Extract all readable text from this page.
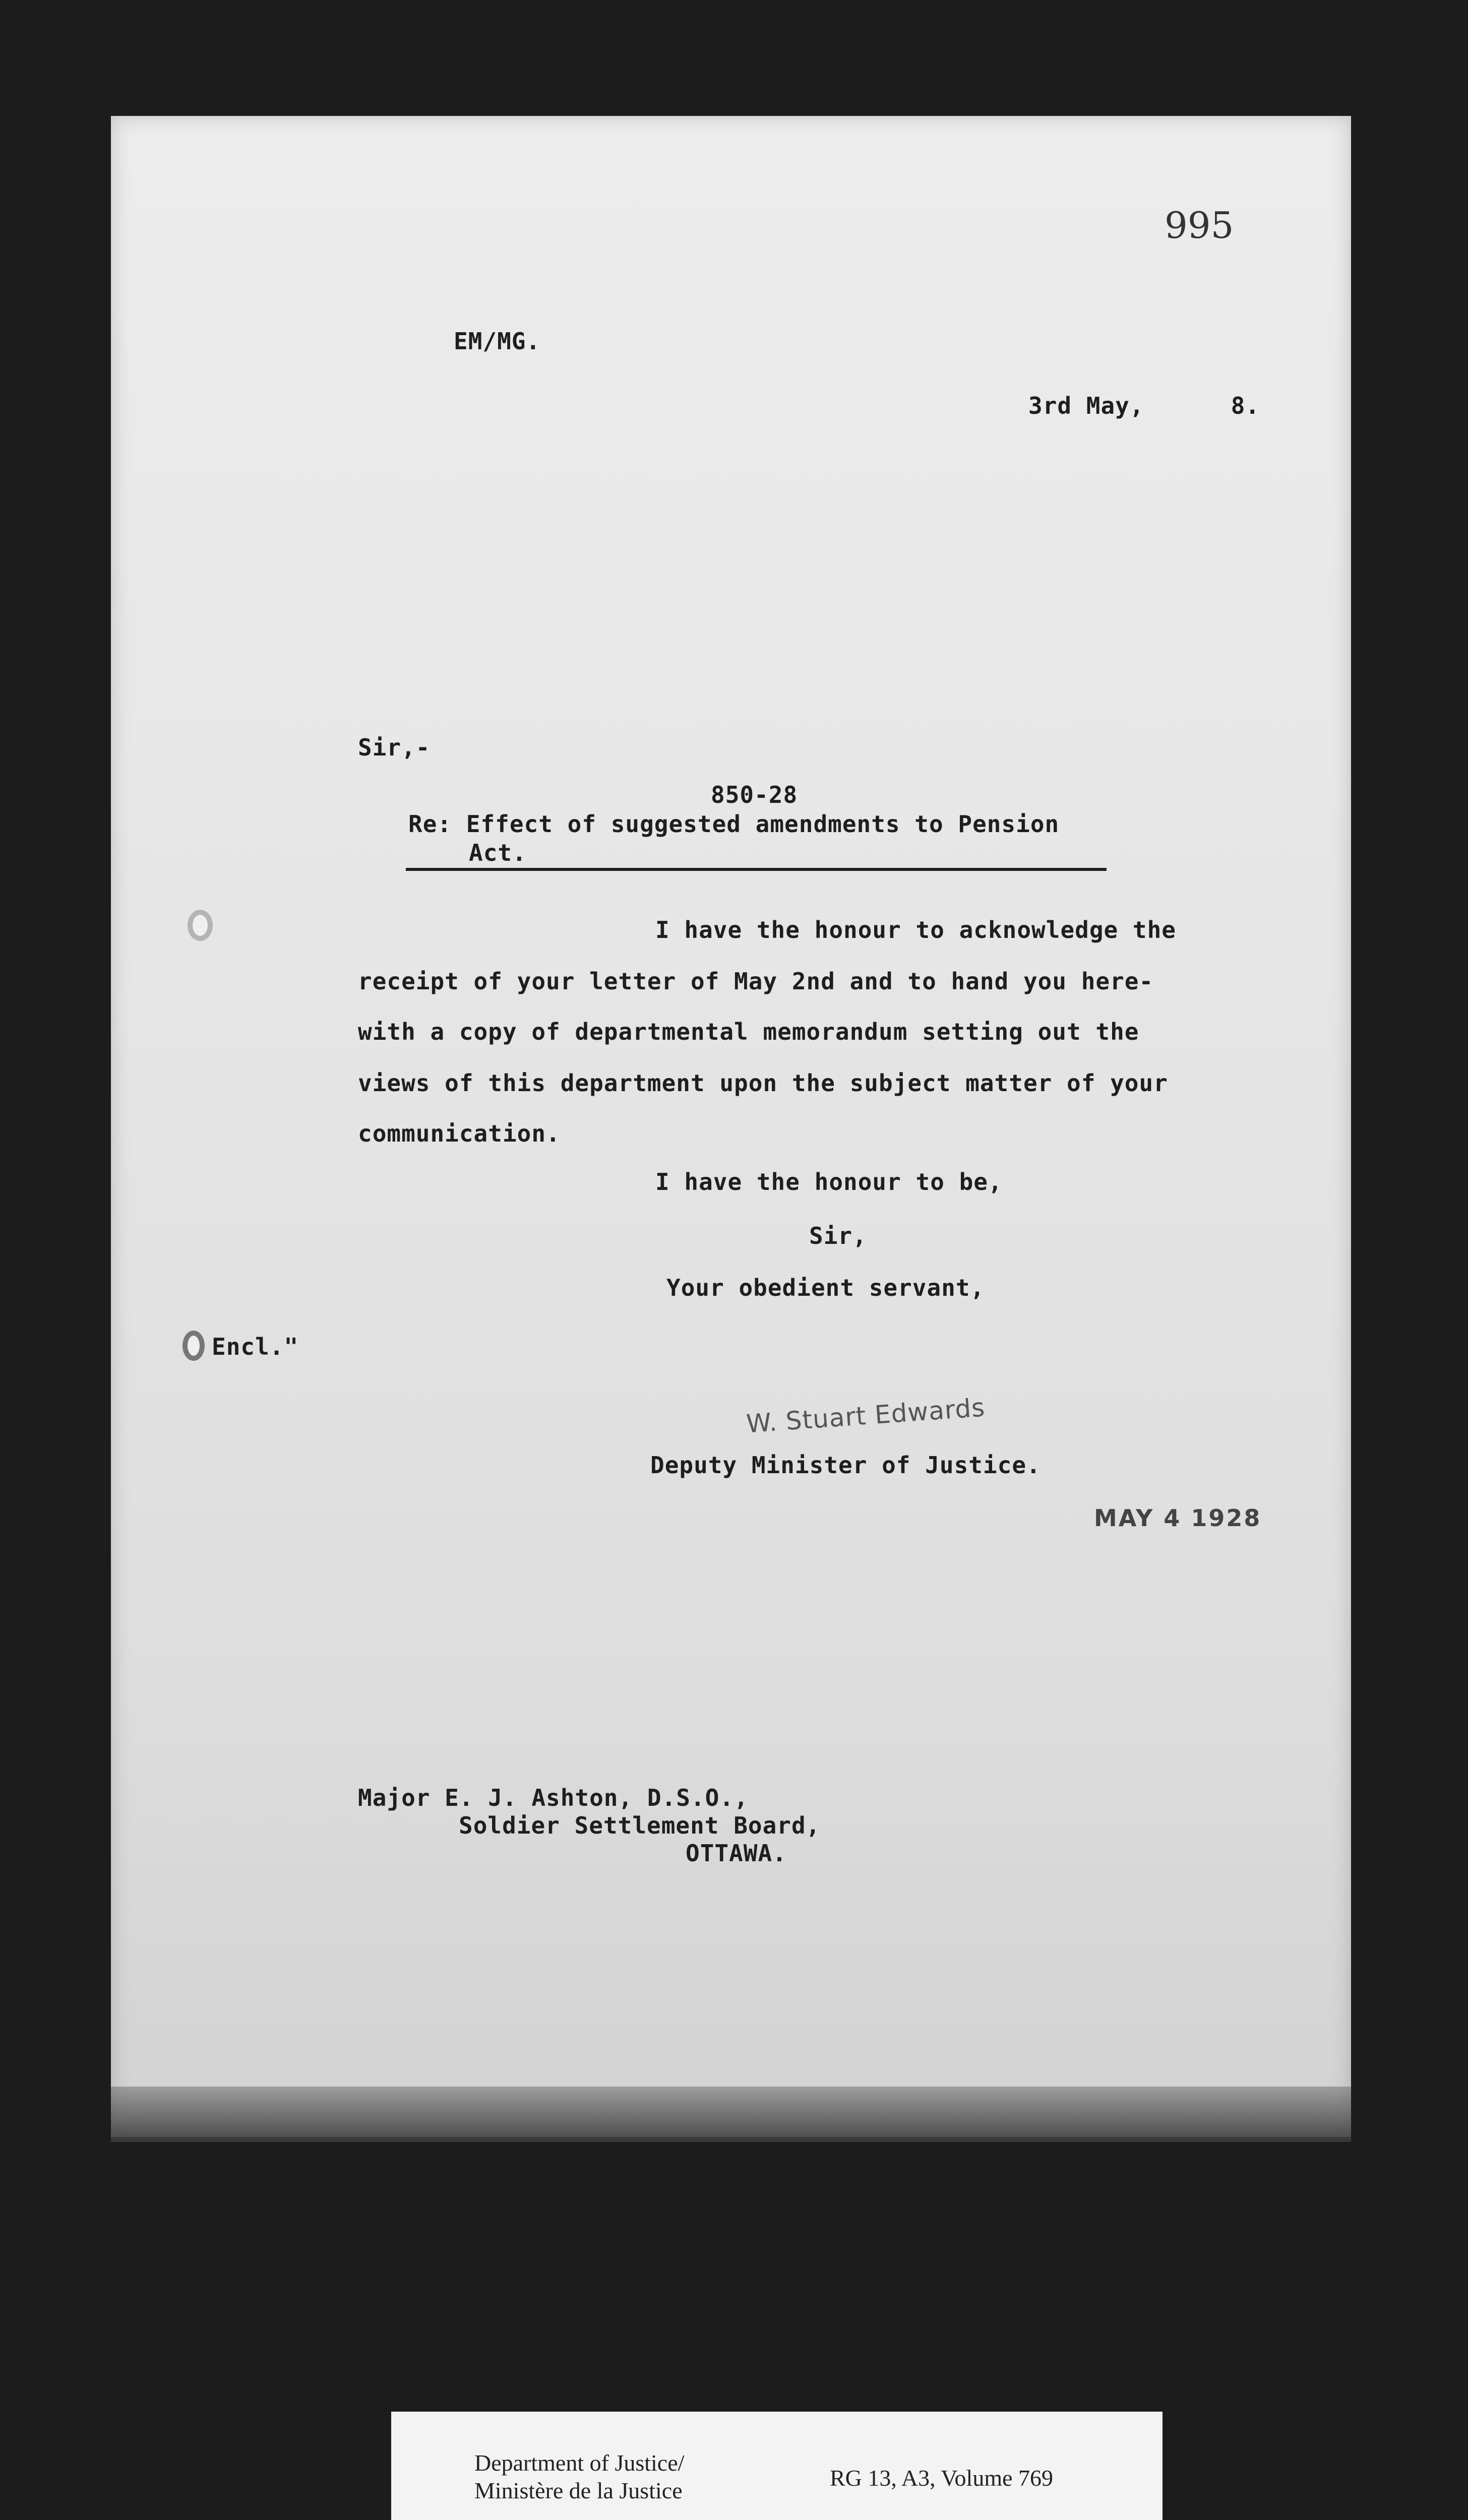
995
EM/MG.
3rd May,	8.
Sir,-
850-28
Re: Effect of suggested amendments to Pension
Act.
I have the honour to acknowledge the
receipt of your letter of May 2nd and to hand you here-
with a copy of departmental memorandum setting out the
views of this department upon the subject matter of your
communication.
I have the honour to be,
Sir,
Your obedient servant,
Encl."
W. Stuart Edwards
Deputy Minister of Justice.
MAY 4 1928
Major E. J. Ashton, D.S.O.,
Soldier Settlement Board,
OTTAWA.
Department of Justice/
Ministère de la Justice	RG 13, A3, Volume 769
